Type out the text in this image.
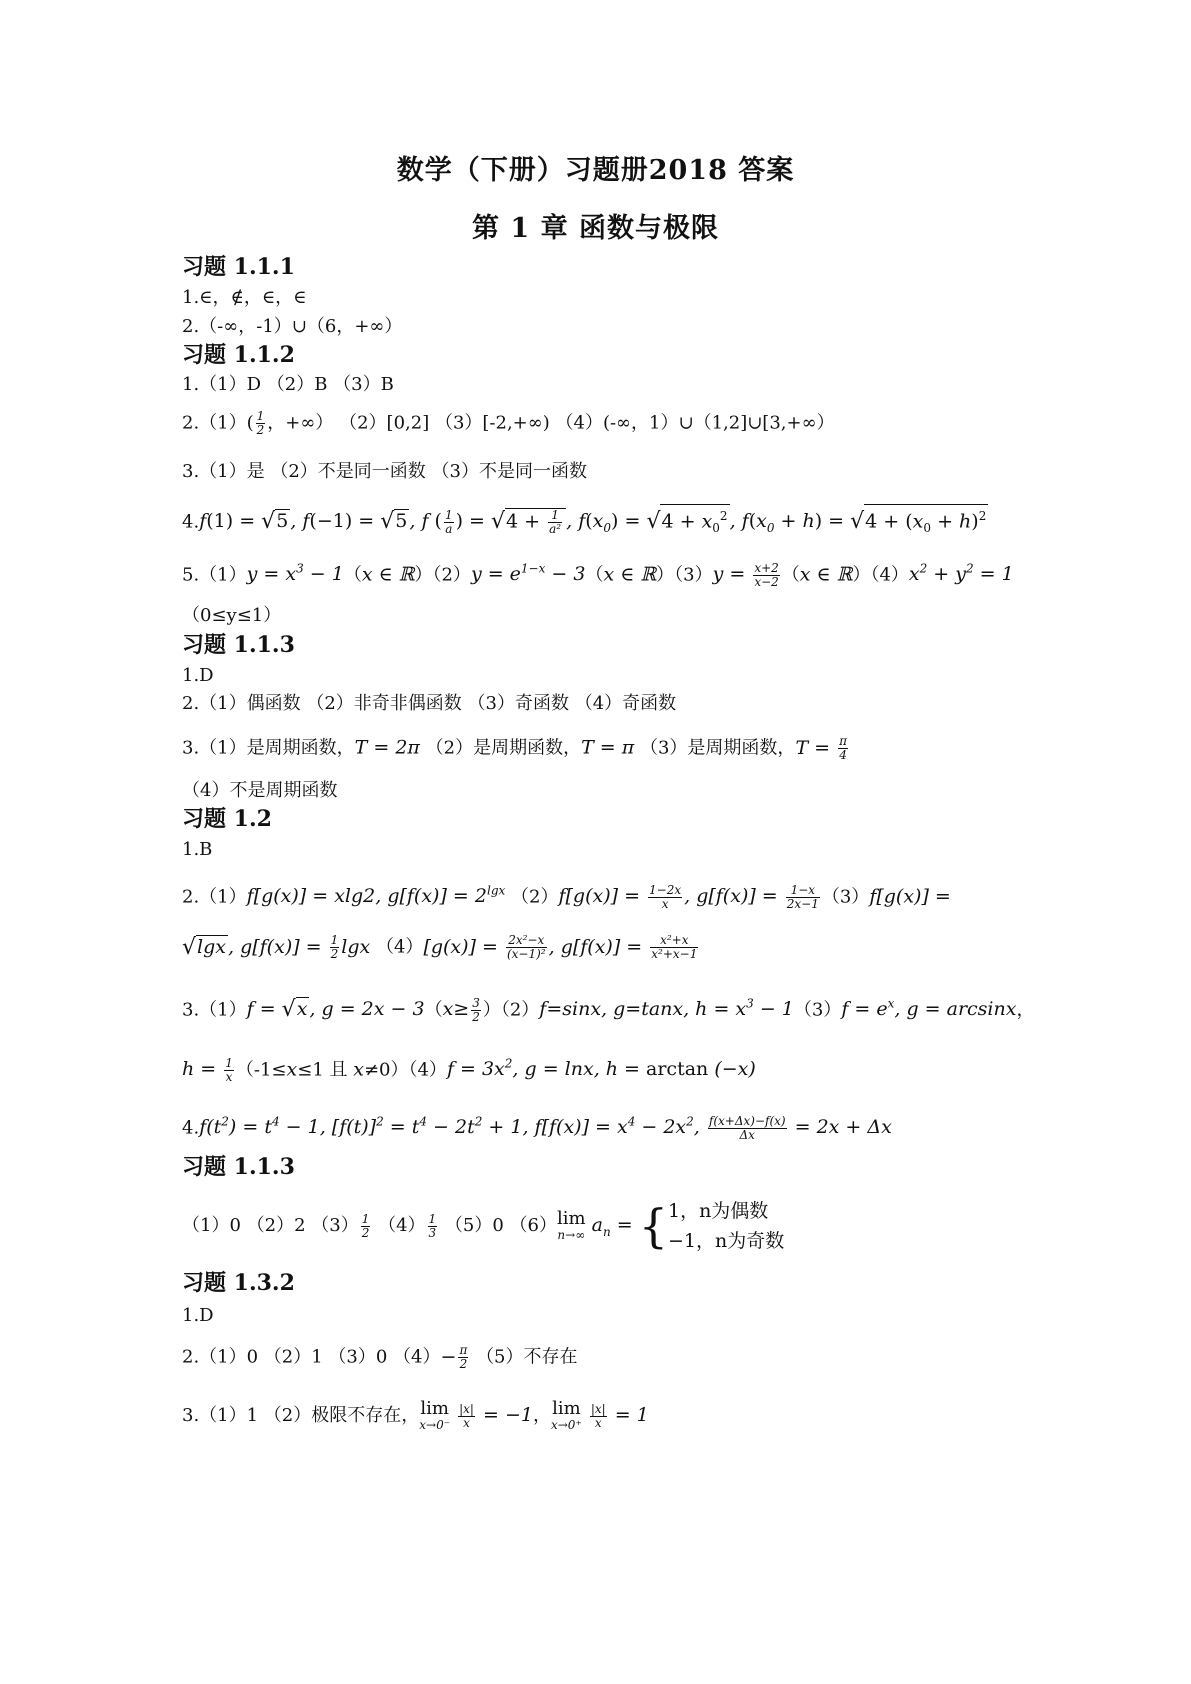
数学（下册）习题册2018 答案
第 1 章 函数与极限
习题 1.1.1
1.∈，∉，∈，∈
2.（-∞，-1）∪（6，+∞）
习题 1.1.2
1.（1）D （2）B （3）B
$2.(1)( \frac{1}{2}$ ，+∞） （2）[0,2] （3）[-2,+∞) （4）(-∞，1）∪（1,2]∪[3,+∞）
3.（1）是 （2）不是同一函数 （3）不是同一函数
4.f(1) = √5 , f(−1) = √5 , f ( $\frac{1}{a}$ ) = $√4 + \frac{1}{\text{a²}}$ , $f(x_0) = √4 + x_0^2$ , $f(x_0 + h) = √4 + (x_0 + h)^2$
$5.(1)y = x^3 - 1(x$ ∈ ℝ）（2）y = $e^{1-x} - 3(x$ ∈ ℝ）（3）y = $\frac{x+2}{x-2} (x$ ∈ $ℝ)(4)x^2 + y^2 = 1$
（0≤y≤1）
习题 1.1.3
1.D
2.（1）偶函数 （2）非奇非偶函数 （3）奇函数 （4）奇函数
3.（1）是周期函数，T = 2π （2）是周期函数，T = π （3）是周期函数，$T = \frac{\pi}{4}$
（4）不是周期函数
习题 1.2
1.B
2.（1）f[g(x)] = xlg2, $g[f(x)] = 2^{lgx}$ $(2)f[g(x)] = \frac{1-2x}{x}$ , $g[f(x)] = \frac{1-x}{2x-1} (3)f[g(x)]$ =
√lgx , $g[f(x)] = \frac{1}{2}$ lgx $(4)[g(x)] = \frac{\text{2x²−x}}{\text{(x−1)²}}$ , $g[f(x)] = \frac{\text{x²+x}}{\text{x²+x−1}}$
3.（1）f = √x , $g = 2x - 3(x\ge \frac{3}{2} )(2)f=\sin x$, g=tanx, $h = x^3 - 1(3)f = e^x$, g = arcsinx，
$h = \frac{1}{x} (-1\le x\le 1$ 且 $x\ne 0)(4)f = 3x^2$, g = lnx, h = arctan (−x)
$4.f(t^2) = t^4 - 1$, $[f(t)]^2 = t^4 - 2t^2 + 1$, $f[f(x)] = x^4 - 2x^2$, $\frac{f(x+\Delta x)-f(x)}{\Delta x} = 2x + \Delta x$
习题 1.1.3
（1）0 （2）2 $(3) \frac{1}{2} (4) \frac{1}{3} (5)0$ （6） lim
n→∞ $a_n$ = { 1，n为偶数
−1，n为奇数
习题 1.3.2
1.D
2.（1）0 （2）1 （3）0 $(4)- \frac{\pi}{2} (5)$不存在
3.（1）1 （2）极限不存在， lim
x→0⁻
$\frac{|x|}{x} = -1$， lim
x→0⁺
$\frac{|x|}{x} = 1$
